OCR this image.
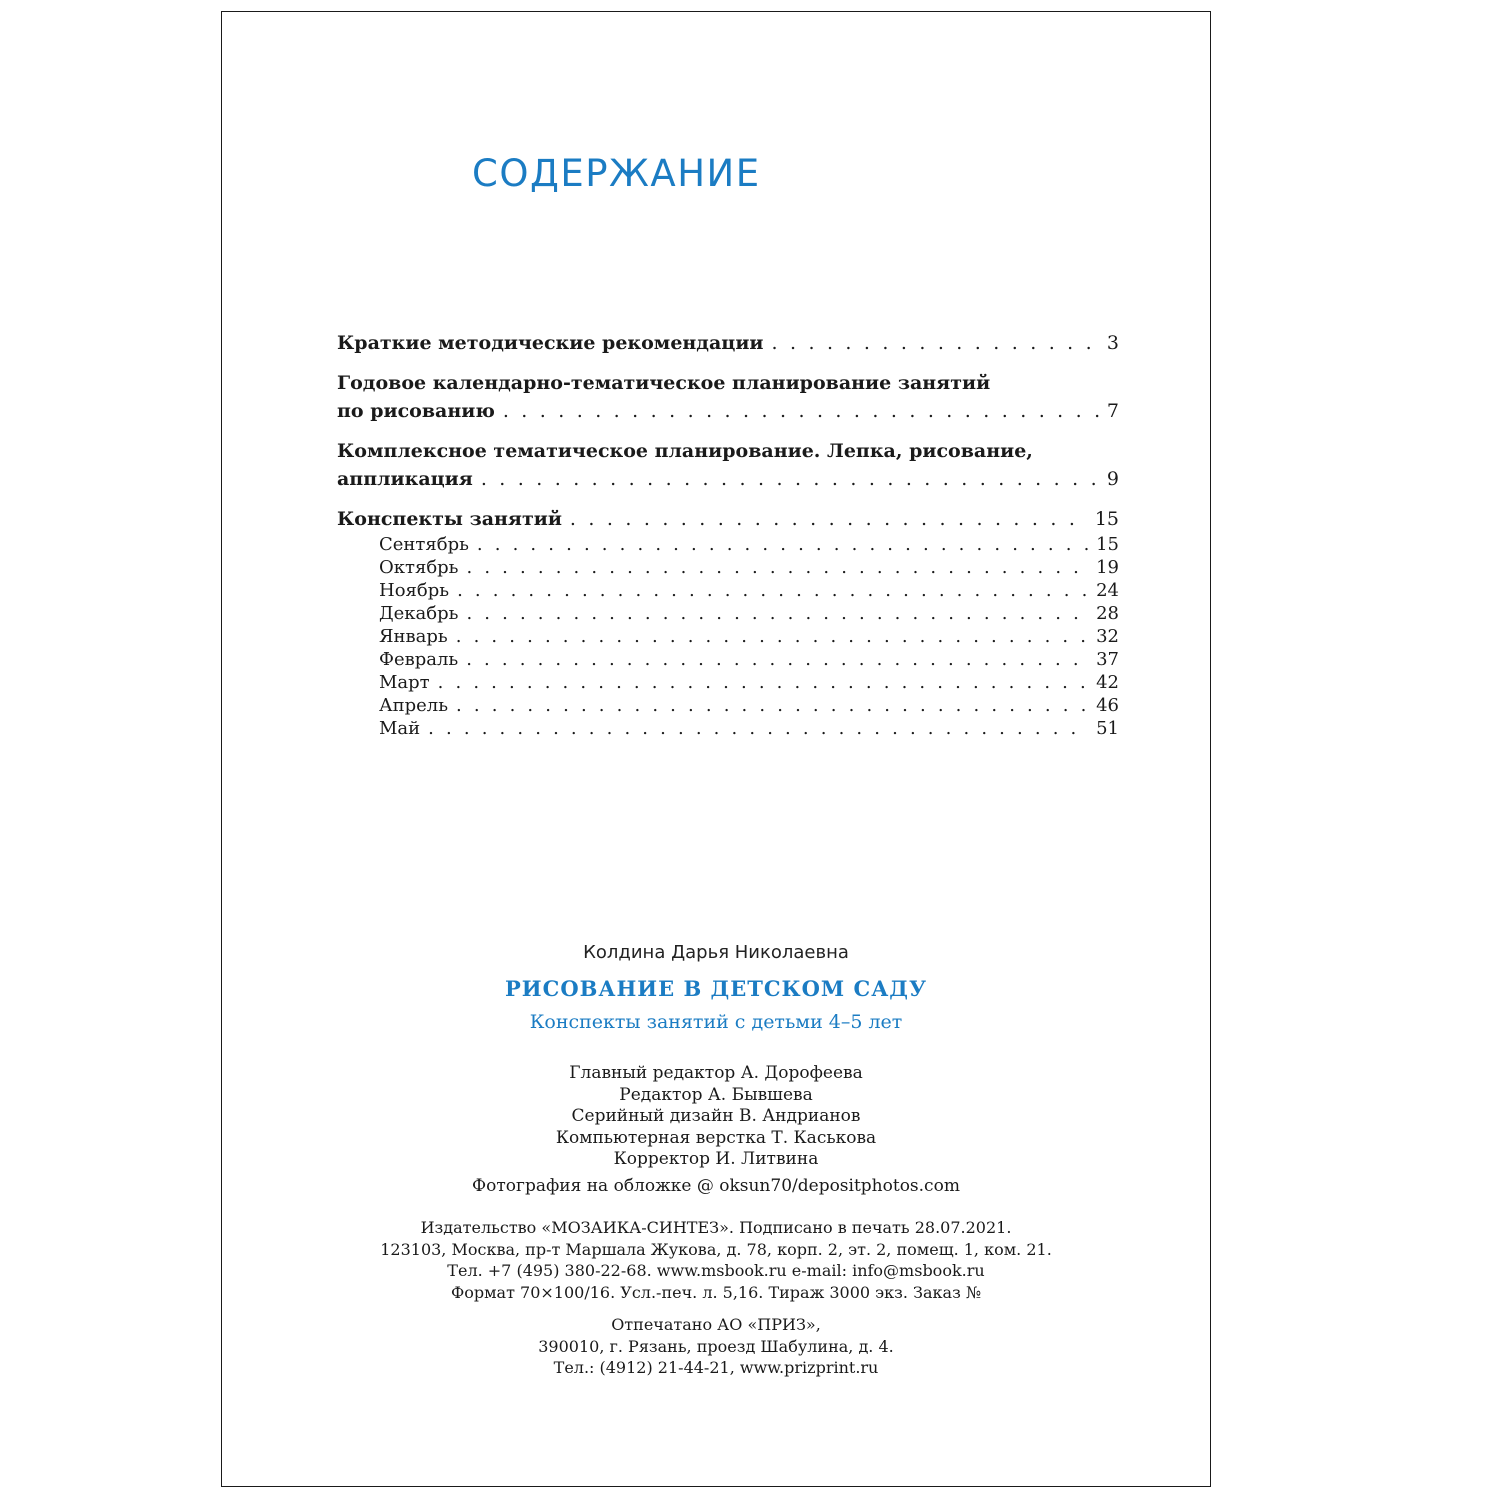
СОДЕРЖАНИЕ
Краткие методические рекомендации . . .	3
Годовое календарно-тематическое планирование занятий
по рисованию . . .	7
Комплексное тематическое планирование. Лепка, рисование,
аппликация . . .	9
Конспекты занятий . . .	15
Сентябрь . . .	15
Октябрь . . .	19
Ноябрь . . .	24
Декабрь . . .	28
Январь . . .	32
Февраль . . .	37
Март . . .	42
Апрель . . .	46
Май . . .	51
Колдина Дарья Николаевна
РИСОВАНИЕ В ДЕТСКОМ САДУ
Конспекты занятий с детьми 4–5 лет

Главный редактор А. Дорофеева

Редактор А. Бывшева

Серийный дизайн В. Андрианов

Компьютерная верстка Т. Каськова

Корректор И. Литвина

Фотография на обложке @ oksun70/depositphotos.com

Издательство «МОЗАИКА-СИНТЕЗ». Подписано в печать 28.07.2021.

123103, Москва, пр-т Маршала Жукова, д. 78, корп. 2, эт. 2, помещ. 1, ком. 21.

Тел. +7 (495) 380-22-68. www.msbook.ru e-mail: info@msbook.ru

Формат 70×100/16. Усл.-печ. л. 5,16. Тираж 3000 экз. Заказ №

Отпечатано АО «ПРИЗ»,

390010, г. Рязань, проезд Шабулина, д. 4.

Тел.: (4912) 21-44-21, www.prizprint.ru
